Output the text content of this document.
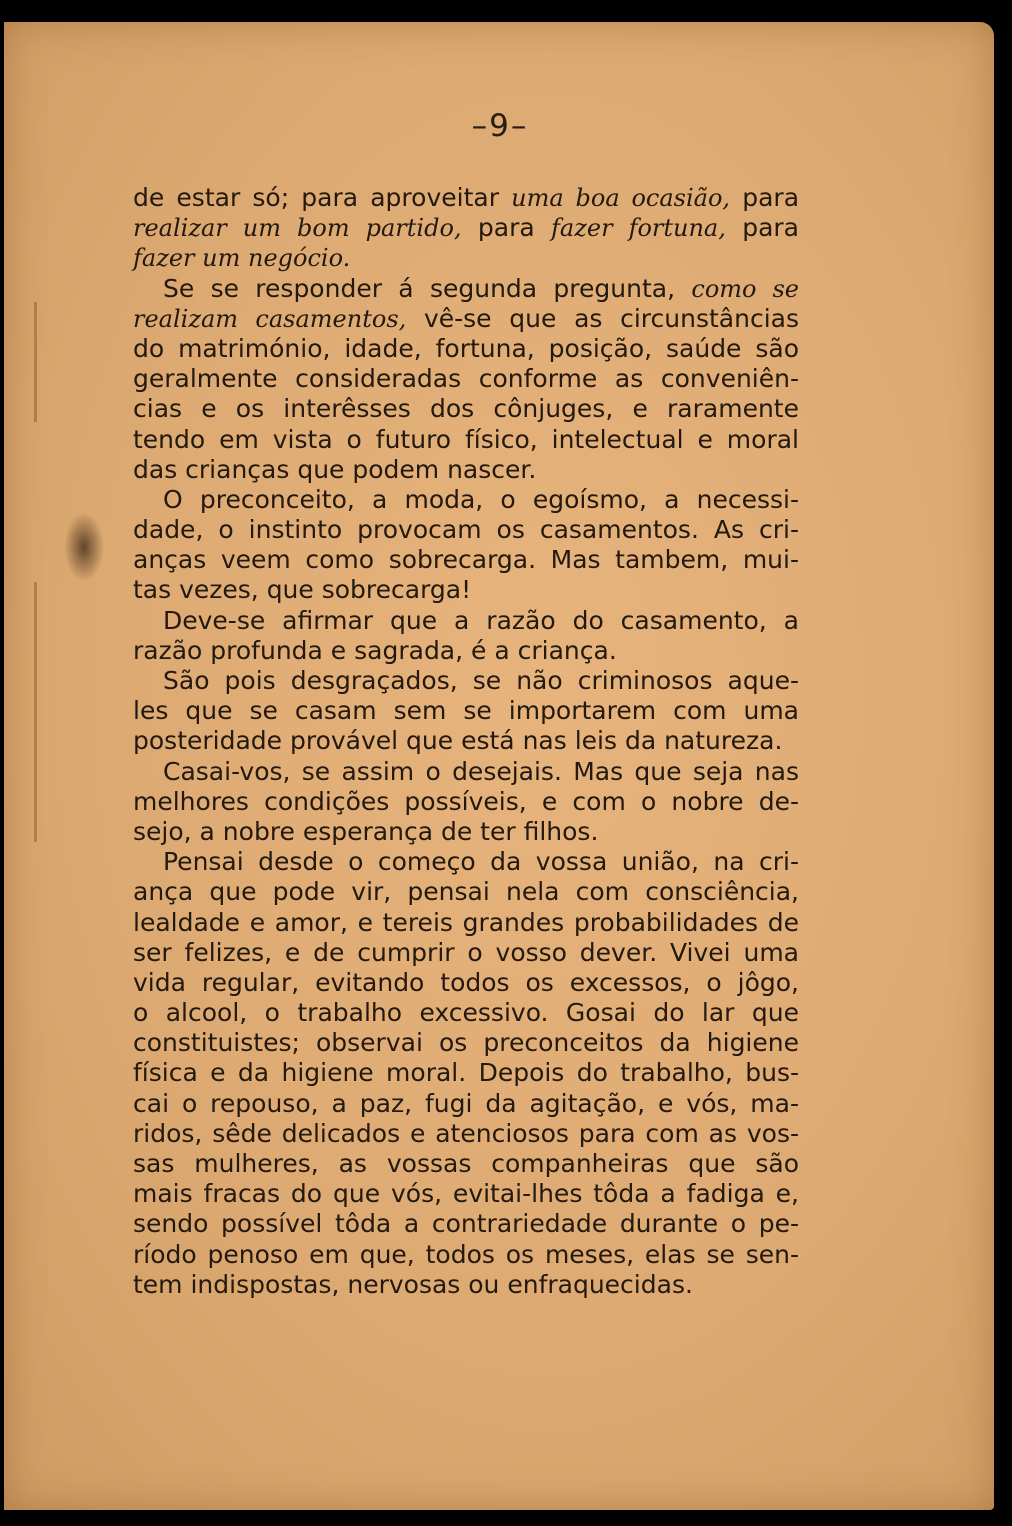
–9–
de estar só; para aproveitar uma boa ocasião, para
realizar um bom partido, para fazer fortuna, para
fazer um negócio.
Se se responder á segunda pregunta, como se
realizam casamentos, vê-se que as circunstâncias
do matrimónio, idade, fortuna, posição, saúde são
geralmente consideradas conforme as conveniên-
cias e os interêsses dos cônjuges, e raramente
tendo em vista o futuro físico, intelectual e moral
das crianças que podem nascer.
O preconceito, a moda, o egoísmo, a necessi-
dade, o instinto provocam os casamentos. As cri-
anças veem como sobrecarga. Mas tambem, mui-
tas vezes, que sobrecarga!
Deve-se afirmar que a razão do casamento, a
razão profunda e sagrada, é a criança.
São pois desgraçados, se não criminosos aque-
les que se casam sem se importarem com uma
posteridade provável que está nas leis da natureza.
Casai-vos, se assim o desejais. Mas que seja nas
melhores condições possíveis, e com o nobre de-
sejo, a nobre esperança de ter filhos.
Pensai desde o começo da vossa união, na cri-
ança que pode vir, pensai nela com consciência,
lealdade e amor, e tereis grandes probabilidades de
ser felizes, e de cumprir o vosso dever. Vivei uma
vida regular, evitando todos os excessos, o jôgo,
o alcool, o trabalho excessivo. Gosai do lar que
constituistes; observai os preconceitos da higiene
física e da higiene moral. Depois do trabalho, bus-
cai o repouso, a paz, fugi da agitação, e vós, ma-
ridos, sêde delicados e atenciosos para com as vos-
sas mulheres, as vossas companheiras que são
mais fracas do que vós, evitai-lhes tôda a fadiga e,
sendo possível tôda a contrariedade durante o pe-
ríodo penoso em que, todos os meses, elas se sen-
tem indispostas, nervosas ou enfraquecidas.
